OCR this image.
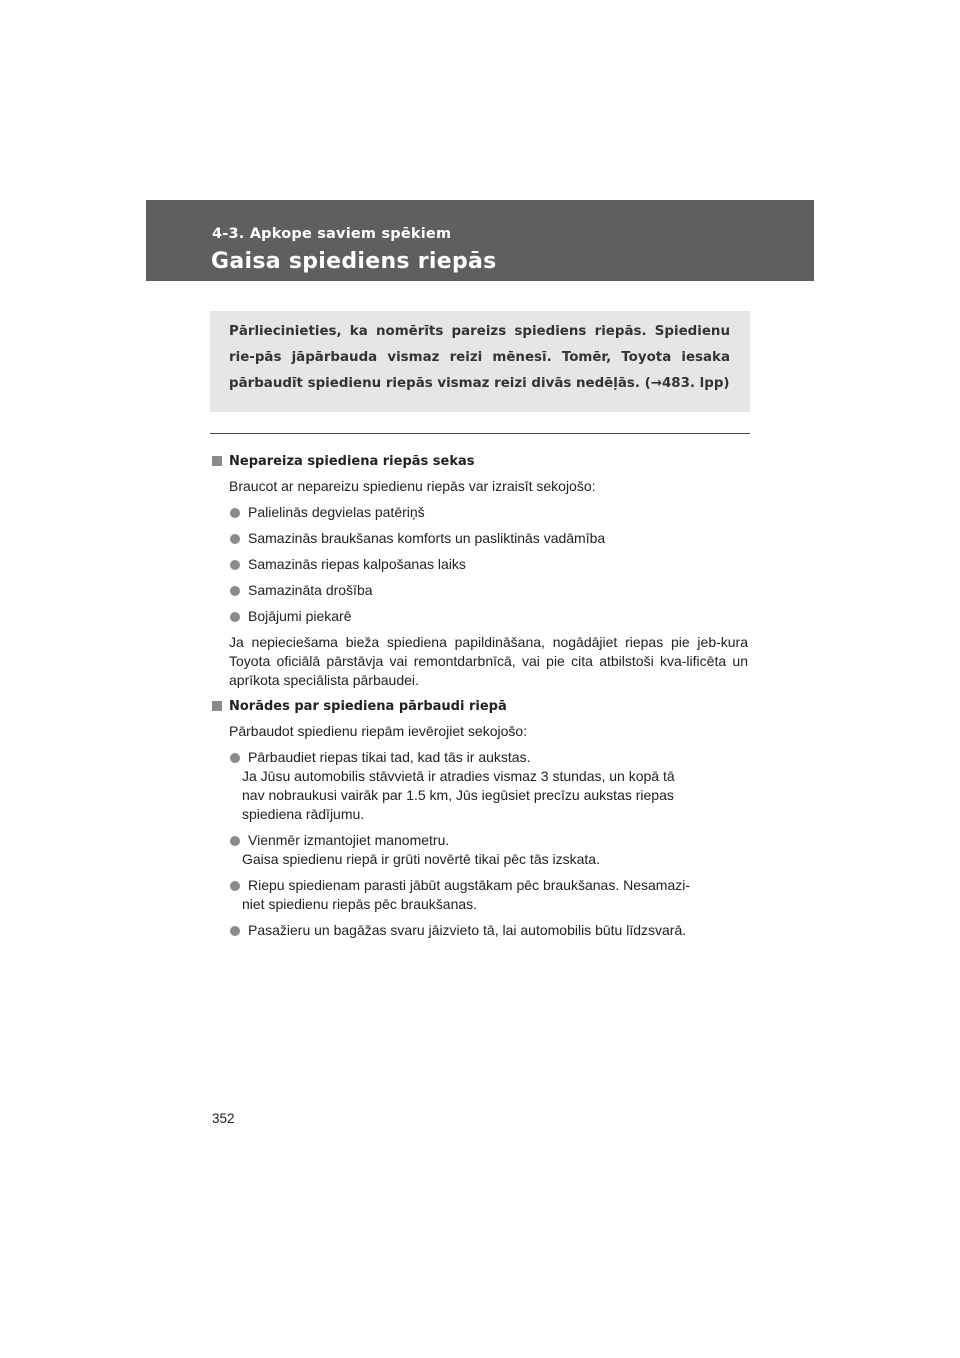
4-3. Apkope saviem spēkiem
Gaisa spiediens riepās
Pārliecinieties, ka nomērīts pareizs spiediens riepās. Spiedienu rie-pās jāpārbauda vismaz reizi mēnesī. Tomēr, Toyota iesaka pārbaudīt spiedienu riepās vismaz reizi divās nedēļās. (→483. lpp)
Nepareiza spiediena riepās sekas
Braucot ar nepareizu spiedienu riepās var izraisīt sekojošo:
Palielinās degvielas patēriņš
Samazinās braukšanas komforts un pasliktinās vadāmība
Samazinās riepas kalpošanas laiks
Samazināta drošība
Bojājumi piekarē
Ja nepieciešama bieža spiediena papildināšana, nogādājiet riepas pie jeb-kura Toyota oficiālā pārstāvja vai remontdarbnīcā, vai pie cita atbilstoši kva-lificēta un aprīkota speciālista pārbaudei.
Norādes par spiediena pārbaudi riepā
Pārbaudot spiedienu riepām ievērojiet sekojošo:
Pārbaudiet riepas tikai tad, kad tās ir aukstas.
Ja Jūsu automobilis stāvvietā ir atradies vismaz 3 stundas, un kopā tā
nav nobraukusi vairāk par 1.5 km, Jūs iegūsiet precīzu aukstas riepas
spiediena rādījumu.
Vienmēr izmantojiet manometru.
Gaisa spiedienu riepā ir grūti novērtē tikai pēc tās izskata.
Riepu spiedienam parasti jābūt augstākam pēc braukšanas. Nesamazi-
niet spiedienu riepās pēc braukšanas.
Pasažieru un bagāžas svaru jāizvieto tā, lai automobilis būtu līdzsvarā.
352
